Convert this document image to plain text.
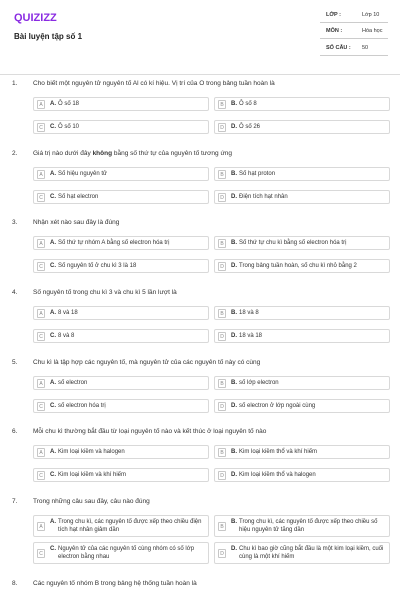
QUIZIZZ
Bài luyện tập số 1
LỚP :	Lớp 10
MÔN :	Hóa học
SỐ CÂU : 50
1. Cho biết một nguyên tử nguyên tố Al có kí hiệu. Vị trí của O trong bảng tuần hoàn là
A	A. Ô số 18	B	B. Ô số 8
C	C. Ô số 10	D	D. Ô số 26
2. Giá trị nào dưới đây không bằng số thứ tự của nguyên tố tương ứng
A	A. Số hiệu nguyên tử	B	B. Số hạt proton
C	C. Số hạt electron	D	D. Điện tích hạt nhân
3. Nhận xét nào sau đây là đúng
A	A. Số thứ tự nhóm A bằng số electron hóa trị	B	B. Số thứ tự chu kì bằng số electron hóa trị
C	C. Số nguyên tố ở chu kì 3 là 18	D	D. Trong bảng tuần hoàn, số chu kì nhỏ bằng 2
4. Số nguyên tố trong chu kì 3 và chu kì 5 lần lượt là
A	A. 8 và 18	B	B. 18 và 8
C	C. 8 và 8	D	D. 18 và 18
5. Chu kì là tập hợp các nguyên tố, mà nguyên tử của các nguyên tố này có cùng
A	A. số electron	B	B. số lớp electron
C	C. số electron hóa trị	D	D. số electron ở lớp ngoài cùng
6. Mỗi chu kì thường bắt đầu từ loại nguyên tố nào và kết thúc ở loại nguyên tố nào
A	A. Kim loại kiềm và halogen	B	B. Kim loại kiềm thổ và khí hiếm
C	C. Kim loại kiềm và khí hiếm	D	D. Kim loại kiềm thổ và halogen
7. Trong những câu sau đây, câu nào đúng
A
A. Trong chu kì, các nguyên tố được xếp theo chiều điện tích hạt nhân giảm dần	B
B. Trong chu kì, các nguyên tố được xếp theo chiều số hiệu nguyên tử tăng dần
C
C. Nguyên tử của các nguyên tố cùng nhóm có số lớp electron bằng nhau	D
D. Chu kì bao giờ cũng bắt đầu là một kim loại kiềm, cuối cùng là một khí hiếm
8. Các nguyên tố nhóm B trong bảng hệ thống tuần hoàn là
